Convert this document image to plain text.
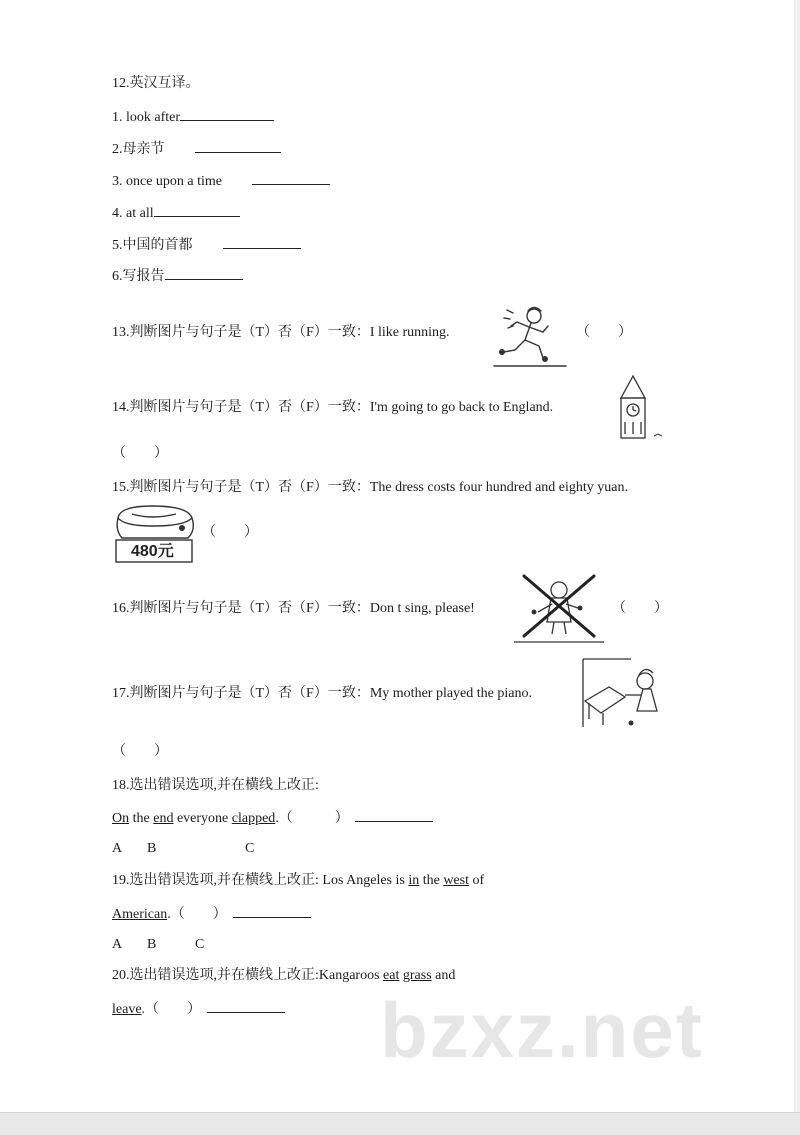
12.英汉互译。
1. look after
2.母亲节
3. once upon a time
4. at all
5.中国的首都
6.写报告
13.判断图片与句子是（T）否（F）一致：I like running.	（　　）
14.判断图片与句子是（T）否（F）一致：I'm going to go back to England.
（　　）
15.判断图片与句子是（T）否（F）一致：The dress costs four hundred and eighty yuan.
480元
（　　）
16.判断图片与句子是（T）否（F）一致：Don t sing, please!	（　　）
17.判断图片与句子是（T）否（F）一致：My mother played the piano.
（　　）
18.选出错误选项,并在横线上改正:
On the end everyone clapped.（　　　）
A B	C
19.选出错误选项,并在横线上改正: Los Angeles is in the west of
American.（　　）
A B	C
20.选出错误选项,并在横线上改正:Kangaroos eat grass and
leave.（　　）	bzxz.net
